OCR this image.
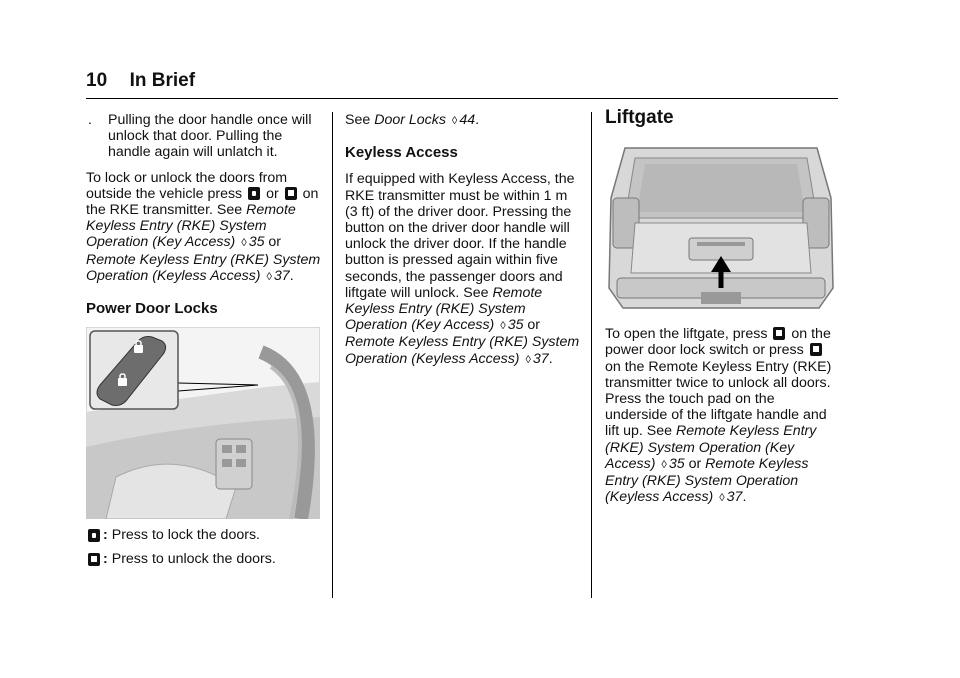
10 In Brief
.	Pulling the door handle once will unlock that door. Pulling the handle again will unlatch it.

To lock or unlock the doors from outside the vehicle press or on the RKE transmitter. See Remote Keyless Entry (RKE) System Operation (Key Access) ◊ 35 or Remote Keyless Entry (RKE) System Operation (Keyless Access) ◊ 37.

Power Door Locks
: Press to lock the doors.
: Press to unlock the doors.

See Door Locks ◊ 44.

Keyless Access

If equipped with Keyless Access, the RKE transmitter must be within 1 m (3 ft) of the driver door. Pressing the button on the driver door handle will unlock the driver door. If the handle button is pressed again within five seconds, the passenger doors and liftgate will unlock. See Remote Keyless Entry (RKE) System Operation (Key Access) ◊ 35 or Remote Keyless Entry (RKE) System Operation (Keyless Access) ◊ 37.

Liftgate

To open the liftgate, press on the power door lock switch or press  on the Remote Keyless Entry (RKE) transmitter twice to unlock all doors. Press the touch pad on the underside of the liftgate handle and lift up. See Remote Keyless Entry (RKE) System Operation (Key Access) ◊ 35 or Remote Keyless Entry (RKE) System Operation (Keyless Access) ◊ 37.
